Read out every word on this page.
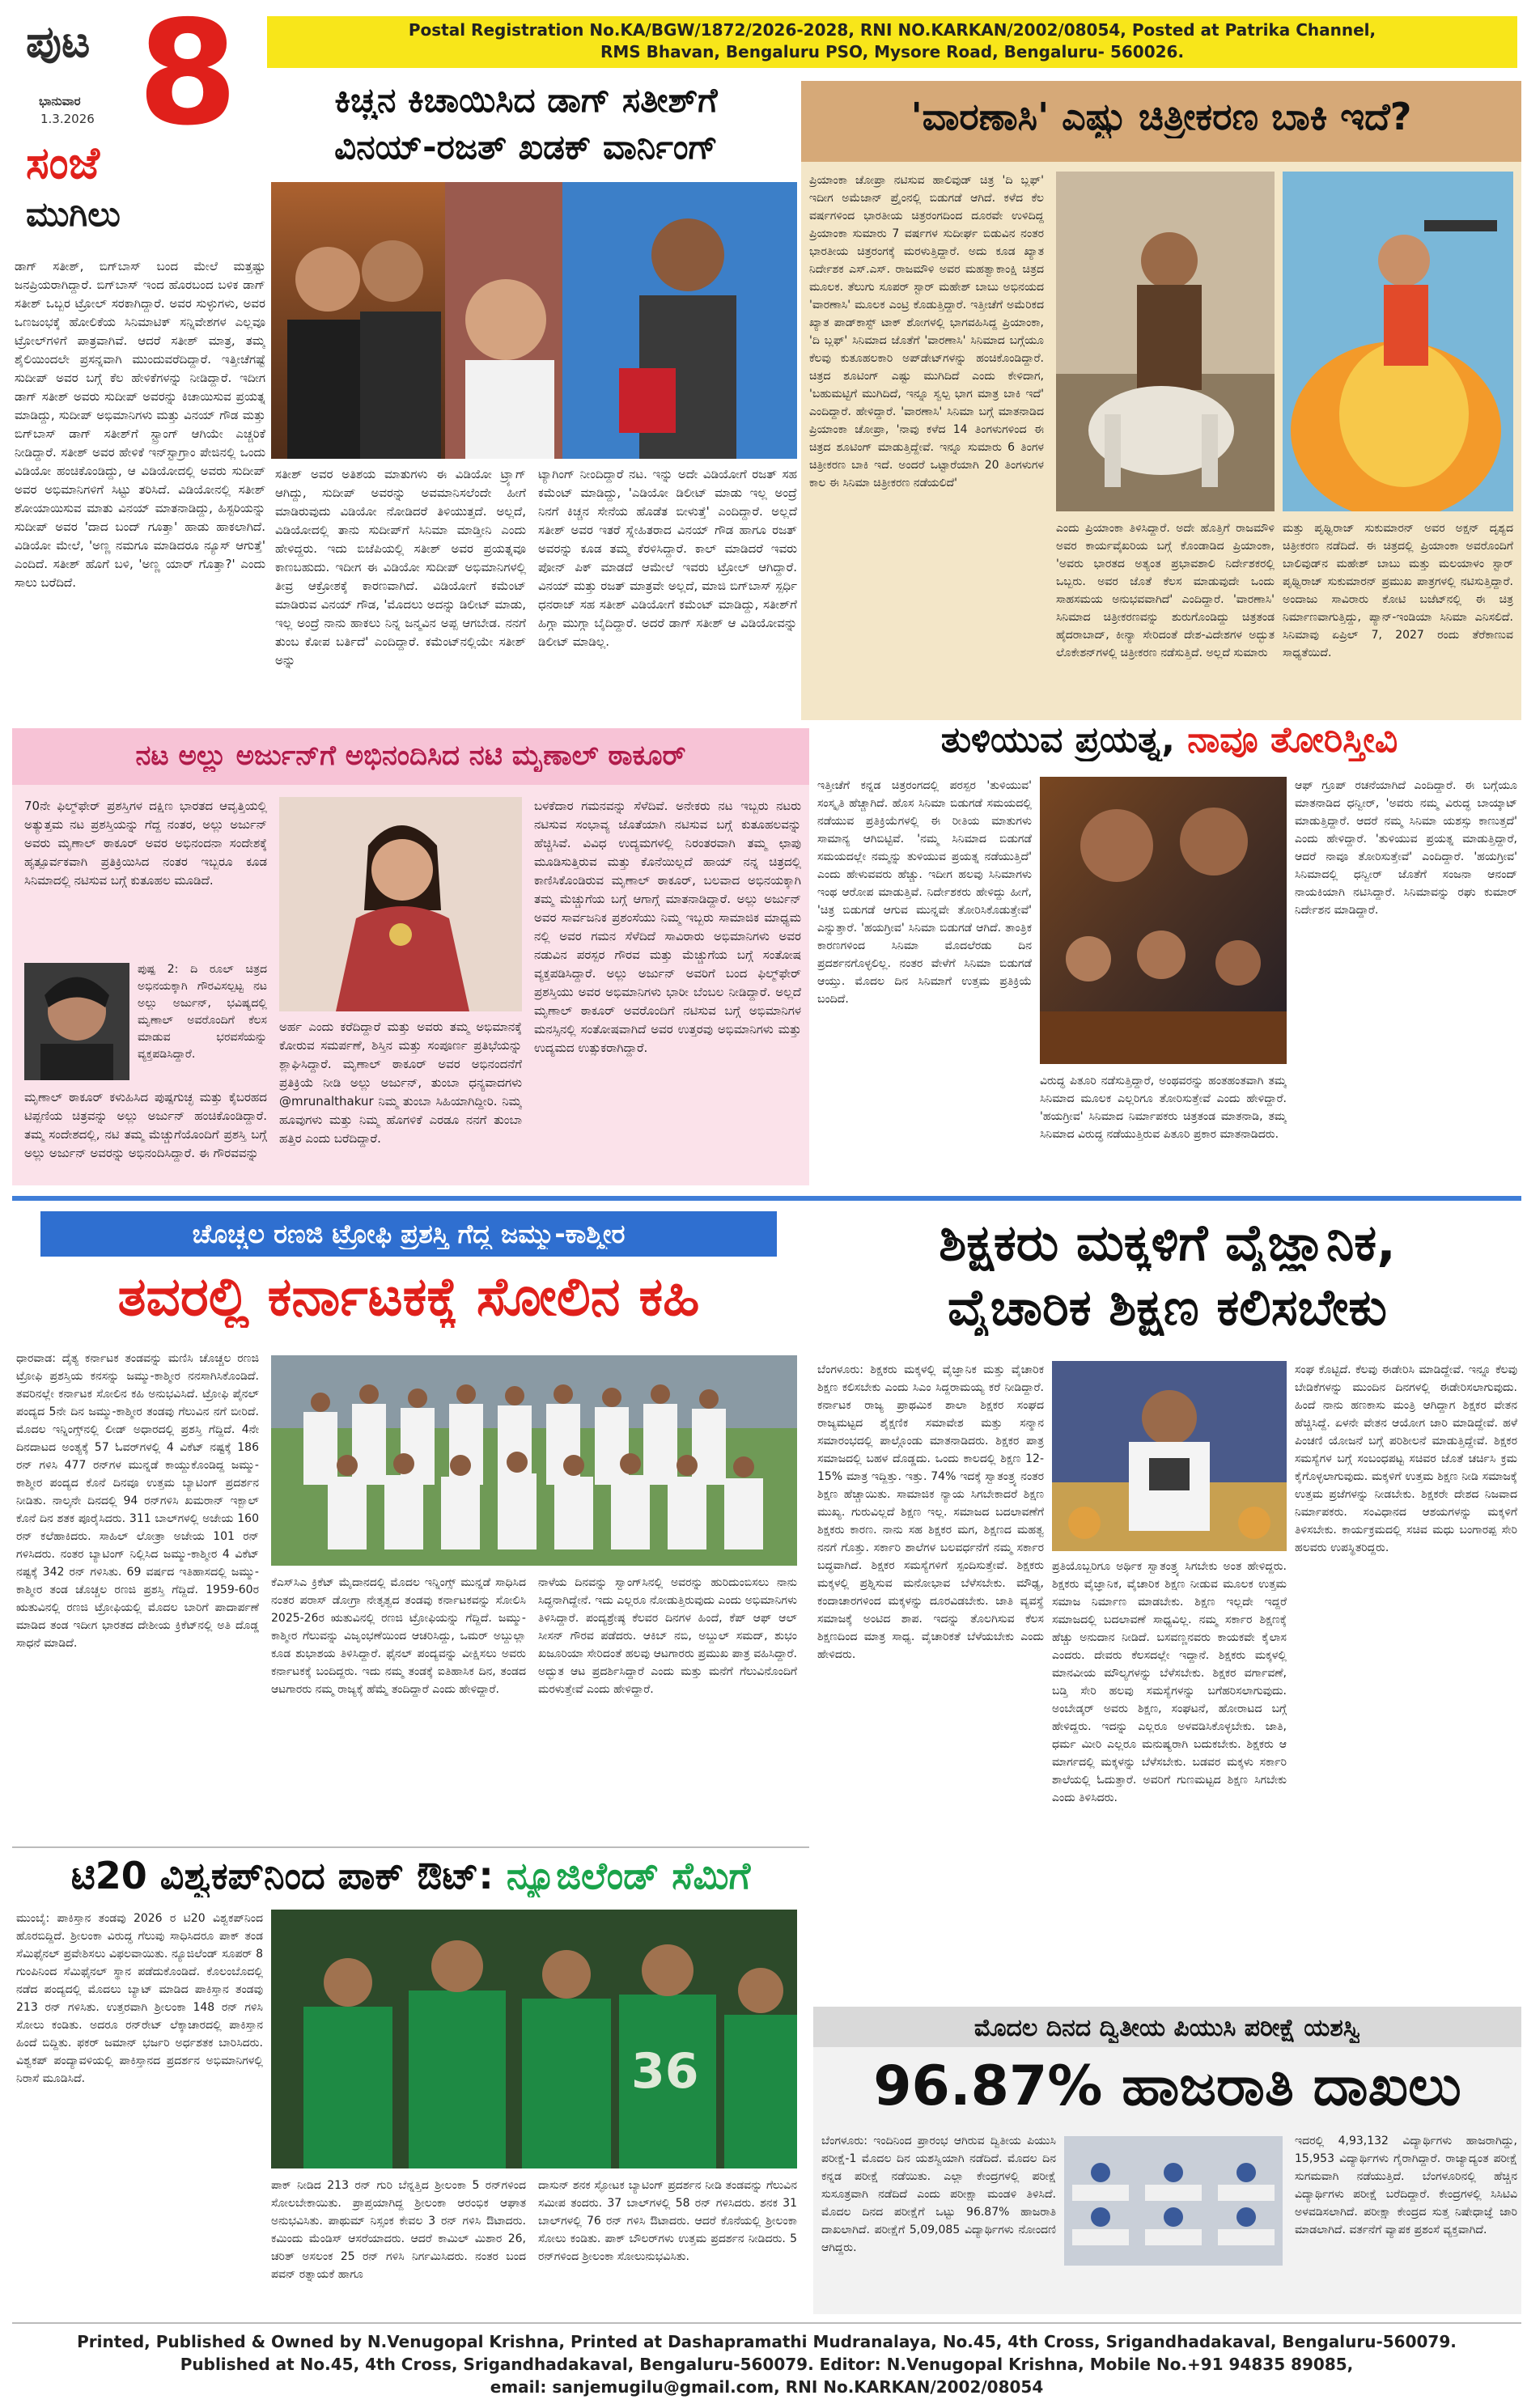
ಪುಟ 8
ಭಾನುವಾರ
1.3.2026
ಸಂಜೆ
ಮುಗಿಲು
Postal Registration No.KA/BGW/1872/2026-2028, RNI NO.KARKAN/2002/08054, Posted at Patrika Channel,
RMS Bhavan, Bengaluru PSO, Mysore Road, Bengaluru- 560026.
ಕಿಚ್ಚನ ಕಿಚಾಯಿಸಿದ ಡಾಗ್ ಸತೀಶ್‌ಗೆ
ವಿನಯ್-ರಜತ್ ಖಡಕ್ ವಾರ್ನಿಂಗ್
ಡಾಗ್ ಸತೀಶ್, ಬಿಗ್‌ಬಾಸ್ ಬಂದ ಮೇಲೆ ಮತ್ತಷ್ಟು ಜನಪ್ರಿಯರಾಗಿದ್ದಾರೆ. ಬಿಗ್‌ಬಾಸ್ ಇಂದ ಹೊರಬಂದ ಬಳಿಕ ಡಾಗ್ ಸತೀಶ್ ಒಬ್ಬರ ಟ್ರೋಲ್ ಸರಕಾಗಿದ್ದಾರೆ. ಅವರ ಸುಳ್ಳುಗಳು, ಅವರ ಒಣಜಂಭಕ್ಕೆ ಹೋಲಿಕೆಯ ಸಿನಿಮಾಟಿಕ್ ಸನ್ನಿವೇಶಗಳ ಎಲ್ಲವೂ ಟ್ರೋಲ್‌ಗಳಿಗೆ ಪಾತ್ರವಾಗಿವೆ. ಆದರೆ ಸತೀಶ್ ಮಾತ್ರ, ತಮ್ಮ ಶೈಲಿಯಿಂದಲೇ ಪ್ರಸನ್ನವಾಗಿ ಮುಂದುವರೆದಿದ್ದಾರೆ. ಇತ್ತೀಚೆಗಷ್ಟೆ ಸುದೀಪ್ ಅವರ ಬಗ್ಗೆ ಕೆಲ ಹೇಳಿಕೆಗಳನ್ನು ನೀಡಿದ್ದಾರೆ. ಇದೀಗ ಡಾಗ್ ಸತೀಶ್ ಅವರು ಸುದೀಪ್ ಅವರನ್ನು ಕಿಚಾಯಿಸುವ ಪ್ರಯತ್ನ ಮಾಡಿದ್ದು, ಸುದೀಪ್ ಅಭಿಮಾನಿಗಳು ಮತ್ತು ವಿನಯ್ ಗೌಡ ಮತ್ತು ಬಿಗ್‌ಬಾಸ್ ಡಾಗ್ ಸತೀಶ್‌ಗೆ ಸ್ಟ್ರಾಂಗ್ ಆಗಿಯೇ ಎಚ್ಚರಿಕೆ ನೀಡಿದ್ದಾರೆ. ಸತೀಶ್ ಅವರ ಹೇಳಿಕೆ ಇನ್‌ಸ್ಟಾಗ್ರಾಂ ಪೇಜಿನಲ್ಲಿ ಒಂದು ವಿಡಿಯೋ ಹಂಚಿಕೊಂಡಿದ್ದು, ಆ ವಿಡಿಯೋದಲ್ಲಿ ಅವರು ಸುದೀಪ್ ಅವರ ಅಭಿಮಾನಿಗಳಿಗೆ ಸಿಟ್ಟು ತರಿಸಿದೆ. ವಿಡಿಯೋನಲ್ಲಿ ಸತೀಶ್ ಶೋಯಾಯಿಸುವ ಮಾತು ವಿನಯ್ ಮಾತನಾಡಿದ್ದು, ಹಿಸ್ಟರಿಯನ್ನು ಸುದೀಪ್ ಅವರ 'ದಾದ ಬಂದ್ ಗೂತ್ತಾ' ಹಾಡು ಹಾಕಲಾಗಿದೆ. ವಿಡಿಯೋ ಮೇಲೆ, 'ಅಣ್ಣ ನಮಗೂ ಮಾಡಿದರೂ ನ್ಯೂಸ್ ಆಗುತ್ತೆ' ಎಂದಿದೆ. ಸತೀಶ್ ಹೊಗೆ ಬಳಿ, 'ಅಣ್ಣ ಯಾರ್ ಗೊತ್ತಾ?' ಎಂದು ಸಾಲು ಬರೆದಿದೆ.
ಸತೀಶ್ ಅವರ ಅತಿಶಯ ಮಾತುಗಳು ಈ ವಿಡಿಯೋ ಟ್ರ್ಯಾಗ್ ಆಗಿದ್ದು, ಸುದೀಪ್ ಅವರನ್ನು ಅವಮಾನಿಸಲೆಂದೇ ಹೀಗೆ ಮಾಡಿರುವುದು ವಿಡಿಯೋ ನೋಡಿದರೆ ತಿಳಿಯುತ್ತದೆ. ಅಲ್ಲದೆ, ವಿಡಿಯೋದಲ್ಲಿ ತಾನು ಸುದೀಪ್‌ಗೆ ಸಿನಿಮಾ ಮಾಡ್ತೀನಿ ಎಂದು ಹೇಳಿದ್ದರು. ಇದು ಬಿಜೆಪಿಯಲ್ಲಿ ಸತೀಶ್ ಅವರ ಪ್ರಯತ್ನವೂ ಕಾಣಬಹುದು. ಇದೀಗ ಈ ವಿಡಿಯೋ ಸುದೀಪ್ ಅಭಿಮಾನಿಗಳಲ್ಲಿ ತೀವ್ರ ಆಕ್ರೋಶಕ್ಕೆ ಕಾರಣವಾಗಿದೆ. ವಿಡಿಯೋಗೆ ಕಮೆಂಟ್ ಮಾಡಿರುವ ವಿನಯ್ ಗೌಡ, 'ಮೊದಲು ಅದನ್ನು ಡಿಲೀಟ್ ಮಾಡು, ಇಲ್ಲ ಅಂದ್ರೆ ನಾನು ಹಾಕಲು ನಿನ್ನ ಜನ್ಮವಿನ ಅಪ್ಪ ಆಗಬೇಡ. ನನಗೆ ತುಂಬ ಕೋಪ ಬರ್ತಿದೆ' ಎಂದಿದ್ದಾರೆ. ಕಮೆಂಟ್‌ನಲ್ಲಿಯೇ ಸತೀಶ್ ಅನ್ನು
ಟ್ಯಾಗಿಂಗ್ ನೀಂದಿದ್ದಾರೆ ನಟ. ಇನ್ನು ಅದೇ ವಿಡಿಯೋಗೆ ರಜತ್ ಸಹ ಕಮೆಂಟ್ ಮಾಡಿದ್ದು, 'ಎಡಿಯೋ ಡಿಲೀಟ್ ಮಾಡು ಇಲ್ಲ ಅಂದ್ರೆ ನಿನಗೆ ಕಿಚ್ಚನ ಸೇನೆಯ ಹೊಡೆತ ಬೀಳುತ್ತೆ' ಎಂದಿದ್ದಾರೆ. ಅಲ್ಲದೆ ಸತೀಶ್ ಅವರ ಇತರೆ ಸ್ನೇಹಿತರಾದ ವಿನಯ್ ಗೌಡ ಹಾಗೂ ರಜತ್ ಅವರನ್ನು ಕೂಡ ತಮ್ಮ ಕೆರಳಿಸಿದ್ದಾರೆ. ಕಾಲ್ ಮಾಡಿದರೆ ಇವರು ಪೋನ್ ಪಿಕ್ ಮಾಡದೆ ಆಮೇಲೆ ಇವರು ಟ್ರೋಲ್ ಆಗಿದ್ದಾರೆ. ವಿನಯ್ ಮತ್ತು ರಜತ್ ಮಾತ್ರವೇ ಅಲ್ಲದೆ, ಮಾಜಿ ಬಿಗ್‌ಬಾಸ್ ಸ್ಪರ್ಧಿ ಧನರಾಜ್ ಸಹ ಸತೀಶ್ ವಿಡಿಯೋಗೆ ಕಮೆಂಟ್ ಮಾಡಿದ್ದು, ಸತೀಶ್‌ಗೆ ಹಿಗ್ಗಾ ಮುಗ್ಗಾ ಬೈದಿದ್ದಾರೆ. ಅದರೆ ಡಾಗ್ ಸತೀಶ್ ಆ ವಿಡಿಯೋವನ್ನು ಡಿಲೀಟ್ ಮಾಡಿಲ್ಲ.
'ವಾರಣಾಸಿ' ಎಷ್ಟು ಚಿತ್ರೀಕರಣ ಬಾಕಿ ಇದೆ?
ಪ್ರಿಯಾಂಕಾ ಚೋಪ್ರಾ ನಟಿಸುವ ಹಾಲಿವುಡ್ ಚಿತ್ರ 'ದಿ ಬ್ಲಫ್' ಇದೀಗ ಅಮೆಜಾನ್ ಪ್ರೈಂನಲ್ಲಿ ಬಿಡುಗಡೆ ಆಗಿದೆ. ಕಳೆದ ಕೆಲ ವರ್ಷಗಳಿಂದ ಭಾರತೀಯ ಚಿತ್ರರಂಗದಿಂದ ದೂರವೇ ಉಳಿದಿದ್ದ ಪ್ರಿಯಾಂಕಾ ಸುಮಾರು 7 ವರ್ಷಗಳ ಸುದೀರ್ಘ ಬಿಡುವಿನ ನಂತರ ಭಾರತೀಯ ಚಿತ್ರರಂಗಕ್ಕೆ ಮರಳುತ್ತಿದ್ದಾರೆ. ಅದು ಕೂಡ ಖ್ಯಾತ ನಿರ್ದೇಶಕ ಎಸ್.ಎಸ್. ರಾಜಮೌಳಿ ಅವರ ಮಹತ್ವಾಕಾಂಕ್ಷಿ ಚಿತ್ರದ ಮೂಲಕ. ತೆಲುಗು ಸೂಪರ್ ಸ್ಟಾರ್ ಮಹೇಶ್ ಬಾಬು ಅಭಿನಯದ 'ವಾರಣಾಸಿ' ಮೂಲಕ ಎಂಟ್ರಿ ಕೊಡುತ್ತಿದ್ದಾರೆ. ಇತ್ತೀಚೆಗೆ ಅಮೆರಿಕದ ಖ್ಯಾತ ಪಾಡ್‌ಕಾಸ್ಟ್ ಟಾಕ್ ಶೋಗಳಲ್ಲಿ ಭಾಗವಹಿಸಿದ್ದ ಪ್ರಿಯಾಂಕಾ, 'ದಿ ಬ್ಲಫ್' ಸಿನಿಮಾದ ಜೊತೆಗೆ 'ವಾರಣಾಸಿ' ಸಿನಿಮಾದ ಬಗ್ಗೆಯೂ ಕೆಲವು ಕುತೂಹಲಕಾರಿ ಅಪ್‌ಡೇಟ್‌ಗಳನ್ನು ಹಂಚಿಕೊಂಡಿದ್ದಾರೆ. ಚಿತ್ರದ ಶೂಟಿಂಗ್ ಎಷ್ಟು ಮುಗಿದಿದೆ ಎಂದು ಕೇಳಿದಾಗ, 'ಬಹುಮಟ್ಟಿಗೆ ಮುಗಿದಿದೆ, ಇನ್ನೂ ಸ್ವಲ್ಪ ಭಾಗ ಮಾತ್ರ ಬಾಕಿ ಇದೆ' ಎಂದಿದ್ದಾರೆ. ಹೇಳಿದ್ದಾರೆ. 'ವಾರಣಾಸಿ' ಸಿನಿಮಾ ಬಗ್ಗೆ ಮಾತನಾಡಿದ ಪ್ರಿಯಾಂಕಾ ಚೋಪ್ರಾ, 'ನಾವು ಕಳೆದ 14 ತಿಂಗಳುಗಳಿಂದ ಈ ಚಿತ್ರದ ಶೂಟಿಂಗ್ ಮಾಡುತ್ತಿದ್ದೇವೆ. ಇನ್ನೂ ಸುಮಾರು 6 ತಿಂಗಳ ಚಿತ್ರೀಕರಣ ಬಾಕಿ ಇದೆ. ಅಂದರೆ ಒಟ್ಟಾರೆಯಾಗಿ 20 ತಿಂಗಳುಗಳ ಕಾಲ ಈ ಸಿನಿಮಾ ಚಿತ್ರೀಕರಣ ನಡೆಯಲಿದೆ'
ಎಂದು ಪ್ರಿಯಾಂಕಾ ತಿಳಿಸಿದ್ದಾರೆ. ಅದೇ ಹೊತ್ತಿಗೆ ರಾಜಮೌಳಿ ಅವರ ಕಾರ್ಯವೈಖರಿಯ ಬಗ್ಗೆ ಕೊಂಡಾಡಿದ ಪ್ರಿಯಾಂಕಾ, 'ಅವರು ಭಾರತದ ಅತ್ಯಂತ ಪ್ರಭಾವಶಾಲಿ ನಿರ್ದೇಶಕರಲ್ಲಿ ಒಬ್ಬರು. ಅವರ ಜೊತೆ ಕೆಲಸ ಮಾಡುವುದೇ ಒಂದು ಸಾಹಸಮಯ ಅನುಭವವಾಗಿದೆ' ಎಂದಿದ್ದಾರೆ. 'ವಾರಣಾಸಿ' ಸಿನಿಮಾದ ಚಿತ್ರೀಕರಣವನ್ನು ಶುರುಗೊಂಡಿದ್ದು ಚಿತ್ರತಂಡ ಹೈದರಾಬಾದ್, ಕೀನ್ಯಾ ಸೇರಿದಂತೆ ದೇಶ-ವಿದೇಶಗಳ ಅದ್ಭುತ ಲೊಕೇಶನ್‌ಗಳಲ್ಲಿ ಚಿತ್ರೀಕರಣ ನಡೆಸುತ್ತಿದೆ. ಅಲ್ಲದೆ ಸುಮಾರು
ಮತ್ತು ಪೃಥ್ವಿರಾಜ್ ಸುಕುಮಾರನ್ ಅವರ ಅಕ್ಷನ್ ದೃಶ್ಯದ ಚಿತ್ರೀಕರಣ ನಡೆದಿದೆ. ಈ ಚಿತ್ರದಲ್ಲಿ ಪ್ರಿಯಾಂಕಾ ಅವರೊಂದಿಗೆ ಬಾಲಿವುಡ್‌ನ ಮಹೇಶ್ ಬಾಬು ಮತ್ತು ಮಲಯಾಳಂ ಸ್ಟಾರ್ ಪೃಥ್ವಿರಾಜ್ ಸುಕುಮಾರನ್ ಪ್ರಮುಖ ಪಾತ್ರಗಳಲ್ಲಿ ನಟಿಸುತ್ತಿದ್ದಾರೆ. ಅಂದಾಜು ಸಾವಿರಾರು ಕೋಟಿ ಬಜೆಟ್‌ನಲ್ಲಿ ಈ ಚಿತ್ರ ನಿರ್ಮಾಣವಾಗುತ್ತಿದ್ದು, ಪ್ಯಾನ್-ಇಂಡಿಯಾ ಸಿನಿಮಾ ಎನಿಸಲಿದೆ. ಸಿನಿಮಾವು ಏಪ್ರಿಲ್ 7, 2027 ರಂದು ತೆರೆಕಾಣುವ ಸಾಧ್ಯತೆಯಿದೆ.
ನಟ ಅಲ್ಲು ಅರ್ಜುನ್‌ಗೆ ಅಭಿನಂದಿಸಿದ ನಟಿ ಮೃಣಾಲ್ ಠಾಕೂರ್
70ನೇ ಫಿಲ್ಮ್‌ಫೇರ್ ಪ್ರಶಸ್ತಿಗಳ ದಕ್ಷಿಣ ಭಾರತದ ಆವೃತ್ತಿಯಲ್ಲಿ ಅತ್ಯುತ್ತಮ ನಟ ಪ್ರಶಸ್ತಿಯನ್ನು ಗೆದ್ದ ನಂತರ, ಅಲ್ಲು ಅರ್ಜುನ್ ಅವರು ಮೃಣಾಲ್ ಠಾಕೂರ್ ಅವರ ಅಭಿನಂದನಾ ಸಂದೇಶಕ್ಕೆ ಹೃತ್ಪೂರ್ವಕವಾಗಿ ಪ್ರತಿಕ್ರಿಯಿಸಿದ ನಂತರ ಇಬ್ಬರೂ ಕೂಡ ಸಿನಿಮಾದಲ್ಲಿ ನಟಿಸುವ ಬಗ್ಗೆ ಕುತೂಹಲ ಮೂಡಿದೆ.
ಪುಷ್ಪ 2: ದಿ ರೂಲ್ ಚಿತ್ರದ ಅಭಿನಯಕ್ಕಾಗಿ ಗೌರವಿಸಲ್ಪಟ್ಟ ನಟ ಅಲ್ಲು ಅರ್ಜುನ್, ಭವಿಷ್ಯದಲ್ಲಿ ಮೃಣಾಲ್ ಅವರೊಂದಿಗೆ ಕೆಲಸ ಮಾಡುವ ಭರವಸೆಯನ್ನು ವ್ಯಕ್ತಪಡಿಸಿದ್ದಾರೆ.
ಮೃಣಾಲ್ ಠಾಕೂರ್ ಕಳುಹಿಸಿದ ಪುಷ್ಪಗುಚ್ಛ ಮತ್ತು ಕೈಬರಹದ ಟಿಪ್ಪಣಿಯ ಚಿತ್ರವನ್ನು ಅಲ್ಲು ಅರ್ಜುನ್ ಹಂಚಿಕೊಂಡಿದ್ದಾರೆ. ತಮ್ಮ ಸಂದೇಶದಲ್ಲಿ, ನಟಿ ತಮ್ಮ ಮೆಚ್ಚುಗೆಯೊಂದಿಗೆ ಪ್ರಶಸ್ತಿ ಬಗ್ಗೆ ಅಲ್ಲು ಅರ್ಜುನ್ ಅವರನ್ನು ಅಭಿನಂದಿಸಿದ್ದಾರೆ. ಈ ಗೌರವವನ್ನು
ಅರ್ಹ ಎಂದು ಕರೆದಿದ್ದಾರೆ ಮತ್ತು ಅವರು ತಮ್ಮ ಅಭಿಮಾನಕ್ಕೆ ಕೋರುವ ಸಮರ್ಪಣೆ, ಶಿಸ್ತಿನ ಮತ್ತು ಸಂಪೂರ್ಣ ಪ್ರತಿಭೆಯನ್ನು ಶ್ಲಾಘಿಸಿದ್ದಾರೆ. ಮೃಣಾಲ್ ಠಾಕೂರ್ ಅವರ ಅಭಿನಂದನೆಗೆ ಪ್ರತಿಕ್ರಿಯೆ ನೀಡಿ ಅಲ್ಲು ಅರ್ಜುನ್, ತುಂಬಾ ಧನ್ಯವಾದಗಳು @mrunalthakur ನಿಮ್ಮ ತುಂಬಾ ಸಿಹಿಯಾಗಿದ್ದೀರಿ. ನಿಮ್ಮ ಹೂವುಗಳು ಮತ್ತು ನಿಮ್ಮ ಹೊಗಳಿಕೆ ಎರಡೂ ನನಗೆ ತುಂಬಾ ಹತ್ತಿರ ಎಂದು ಬರೆದಿದ್ದಾರೆ.
ಬಳಕೆದಾರ ಗಮನವನ್ನು ಸೆಳೆದಿವೆ. ಅನೇಕರು ನಟ ಇಬ್ಬರು ನಟರು ನಟಿಸುವ ಸಂಭಾವ್ಯ ಜೊತೆಯಾಗಿ ನಟಿಸುವ ಬಗ್ಗೆ ಕುತೂಹಲವನ್ನು ಹೆಚ್ಚಿಸಿವೆ. ವಿವಿಧ ಉದ್ಯಮಗಳಲ್ಲಿ ನಿರಂತರವಾಗಿ ತಮ್ಮ ಛಾಪು ಮೂಡಿಸುತ್ತಿರುವ ಮತ್ತು ಕೊನೆಯಿಲ್ಲದೆ ಹಾಯ್ ನನ್ನ ಚಿತ್ರದಲ್ಲಿ ಕಾಣಿಸಿಕೊಂಡಿರುವ ಮೃಣಾಲ್ ಠಾಕೂರ್, ಬಲವಾದ ಅಭಿನಯಕ್ಕಾಗಿ ತಮ್ಮ ಮೆಚ್ಚುಗೆಯ ಬಗ್ಗೆ ಆಗಾಗ್ಗೆ ಮಾತನಾಡಿದ್ದಾರೆ. ಅಲ್ಲು ಅರ್ಜುನ್ ಅವರ ಸಾರ್ವಜನಿಕ ಪ್ರಶಂಸೆಯು ನಿಮ್ಮ ಇಬ್ಬರು ಸಾಮಾಜಿಕ ಮಾಧ್ಯಮ ನಲ್ಲಿ ಅವರ ಗಮನ ಸೆಳೆದಿದೆ ಸಾವಿರಾರು ಅಭಿಮಾನಿಗಳು ಅವರ ನಡುವಿನ ಪರಸ್ಪರ ಗೌರವ ಮತ್ತು ಮೆಚ್ಚುಗೆಯ ಬಗ್ಗೆ ಸಂತೋಷ ವ್ಯಕ್ತಪಡಿಸಿದ್ದಾರೆ. ಅಲ್ಲು ಅರ್ಜುನ್ ಅವರಿಗೆ ಬಂದ ಫಿಲ್ಮ್‌ಫೇರ್ ಪ್ರಶಸ್ತಿಯು ಅವರ ಅಭಿಮಾನಿಗಳು ಭಾರೀ ಬೆಂಬಲ ನೀಡಿದ್ದಾರೆ. ಅಲ್ಲದೆ ಮೃಣಾಲ್ ಠಾಕೂರ್ ಅವರೊಂದಿಗೆ ನಟಿಸುವ ಬಗ್ಗೆ ಅಭಿಮಾನಿಗಳ ಮನಸ್ಸಿನಲ್ಲಿ ಸಂತೋಷವಾಗಿದೆ ಅವರ ಉತ್ತರವು ಅಭಿಮಾನಿಗಳು ಮತ್ತು ಉದ್ಯಮದ ಉತ್ಸುಕರಾಗಿದ್ದಾರೆ.
ತುಳಿಯುವ ಪ್ರಯತ್ನ, ನಾವೂ ತೋರಿಸ್ತೀವಿ
ಇತ್ತೀಚೆಗೆ ಕನ್ನಡ ಚಿತ್ರರಂಗದಲ್ಲಿ ಪರಸ್ಪರ 'ತುಳಿಯುವ' ಸಂಸ್ಕೃತಿ ಹೆಚ್ಚಾಗಿದೆ. ಹೊಸ ಸಿನಿಮಾ ಬಿಡುಗಡೆ ಸಮಯದಲ್ಲಿ ನಡೆಯುವ ಪ್ರತಿಕ್ರಿಯೆಗಳಲ್ಲಿ ಈ ರೀತಿಯ ಮಾತುಗಳು ಸಾಮಾನ್ಯ ಆಗಿಬಿಟ್ಟಿವೆ. 'ನಮ್ಮ ಸಿನಿಮಾದ ಬಿಡುಗಡೆ ಸಮಯದಲ್ಲೇ ನಮ್ಮನ್ನು ತುಳಿಯುವ ಪ್ರಯತ್ನ ನಡೆಯುತ್ತಿದೆ' ಎಂದು ಹೇಳುವವರು ಹೆಚ್ಚು. ಇದೀಗ ಹಲವು ಸಿನಿಮಾಗಳು ಇಂಥ ಆರೋಪ ಮಾಡುತ್ತಿವೆ. ನಿರ್ದೇಶಕರು ಹೇಳಿದ್ದು ಹೀಗೆ, 'ಚಿತ್ರ ಬಿಡುಗಡೆ ಆಗುವ ಮುನ್ನವೇ ತೋರಿಸಿಕೊಡುತ್ತೇವೆ' ಎನ್ನುತ್ತಾರೆ. 'ಹಯಗ್ರೀವ' ಸಿನಿಮಾ ಬಿಡುಗಡೆ ಆಗಿದೆ. ತಾಂತ್ರಿಕ ಕಾರಣಗಳಿಂದ ಸಿನಿಮಾ ಮೊದಲೆರಡು ದಿನ ಪ್ರದರ್ಶನಗೊಳ್ಳಲಿಲ್ಲ. ನಂತರ ವೇಳೆಗೆ ಸಿನಿಮಾ ಬಿಡುಗಡೆ ಆಯ್ತು. ಮೊದಲ ದಿನ ಸಿನಿಮಾಗೆ ಉತ್ತಮ ಪ್ರತಿಕ್ರಿಯೆ ಬಂದಿದೆ.
ವಿರುದ್ಧ ಪಿತೂರಿ ನಡೆಸುತ್ತಿದ್ದಾರೆ, ಅಂಥವರನ್ನು ಹಂತಹಂತವಾಗಿ ತಮ್ಮ ಸಿನಿಮಾದ ಮೂಲಕ ಎಲ್ಲರಿಗೂ ತೋರಿಸುತ್ತೇವೆ ಎಂದು ಹೇಳಿದ್ದಾರೆ. 'ಹಯಗ್ರೀವ' ಸಿನಿಮಾದ ನಿರ್ಮಾಪಕರು ಚಿತ್ರತಂಡ ಮಾತನಾಡಿ, ತಮ್ಮ ಸಿನಿಮಾದ ವಿರುದ್ಧ ನಡೆಯುತ್ತಿರುವ ಪಿತೂರಿ ಪ್ರಕಾರ ಮಾತನಾಡಿದರು.
ಆಫ್ ಗ್ರೂಪ್ ರಚನೆಯಾಗಿದೆ ಎಂದಿದ್ದಾರೆ. ಈ ಬಗ್ಗೆಯೂ ಮಾತನಾಡಿದ ಧನ್ವೀರ್, 'ಅವರು ನಮ್ಮ ವಿರುದ್ಧ ಬಾಯ್ಕಾಟ್ ಮಾಡುತ್ತಿದ್ದಾರೆ. ಆದರೆ ನಮ್ಮ ಸಿನಿಮಾ ಯಶಸ್ಸು ಕಾಣುತ್ತದೆ' ಎಂದು ಹೇಳಿದ್ದಾರೆ. 'ತುಳಿಯುವ ಪ್ರಯತ್ನ ಮಾಡುತ್ತಿದ್ದಾರೆ, ಆದರೆ ನಾವೂ ತೋರಿಸುತ್ತೇವೆ' ಎಂದಿದ್ದಾರೆ. 'ಹಯಗ್ರೀವ' ಸಿನಿಮಾದಲ್ಲಿ ಧನ್ವೀರ್ ಜೊತೆಗೆ ಸಂಜನಾ ಆನಂದ್ ನಾಯಕಿಯಾಗಿ ನಟಿಸಿದ್ದಾರೆ. ಸಿನಿಮಾವನ್ನು ರಘು ಕುಮಾರ್ ನಿರ್ದೇಶನ ಮಾಡಿದ್ದಾರೆ.
ಚೊಚ್ಚಲ ರಣಜಿ ಟ್ರೋಫಿ ಪ್ರಶಸ್ತಿ ಗೆದ್ದ ಜಮ್ಮು-ಕಾಶ್ಮೀರ
ತವರಲ್ಲಿ ಕರ್ನಾಟಕಕ್ಕೆ ಸೋಲಿನ ಕಹಿ
ಧಾರವಾಡ: ದೈತ್ಯ ಕರ್ನಾಟಕ ತಂಡವನ್ನು ಮಣಿಸಿ ಚೊಚ್ಚಲ ರಣಜಿ ಟ್ರೋಫಿ ಪ್ರಶಸ್ತಿಯ ಕನಸನ್ನು ಜಮ್ಮು-ಕಾಶ್ಮೀರ ನನಸಾಗಿಸಿಕೊಂಡಿದೆ. ತವರಿನಲ್ಲೇ ಕರ್ನಾಟಕ ಸೋಲಿನ ಕಹಿ ಅನುಭವಿಸಿದೆ. ಟ್ರೋಫಿ ಪೈನಲ್ ಪಂದ್ಯದ 5ನೇ ದಿನ ಜಮ್ಮು-ಕಾಶ್ಮೀರ ತಂಡವು ಗೆಲುವಿನ ನಗೆ ಬೀರಿದೆ. ಮೊದಲ ಇನ್ನಿಂಗ್ಸ್‌ನಲ್ಲಿ ಲೀಡ್ ಅಧಾರದಲ್ಲಿ ಪ್ರಶಸ್ತಿ ಗೆದ್ದಿದೆ. 4ನೇ ದಿನದಾಟದ ಅಂತ್ಯಕ್ಕೆ 57 ಓವರ್‌ಗಳಲ್ಲಿ 4 ವಿಕೆಟ್ ನಷ್ಟಕ್ಕೆ 186 ರನ್ ಗಳಿಸಿ 477 ರನ್‌ಗಳ ಮುನ್ನಡೆ ಕಾಯ್ದುಕೊಂಡಿದ್ದ ಜಮ್ಮು-ಕಾಶ್ಮೀರ ಪಂದ್ಯದ ಕೊನೆ ದಿನವೂ ಉತ್ತಮ ಬ್ಯಾಟಿಂಗ್ ಪ್ರದರ್ಶನ ನೀಡಿತು. ನಾಲ್ಕನೇ ದಿನದಲ್ಲಿ 94 ರನ್‌ಗಳಿಸಿ ಖಮರಾನ್ ಇಕ್ಬಾಲ್ ಕೊನೆ ದಿನ ಶತಕ ಪೂರೈಸಿದರು. 311 ಬಾಲ್‌ಗಳಲ್ಲಿ ಅಜೇಯ 160 ರನ್ ಕಲೆಹಾಕಿದರು. ಸಾಹಿಲ್ ಲೋತ್ರಾ ಅಜೇಯ 101 ರನ್ ಗಳಿಸಿದರು. ನಂತರ ಬ್ಯಾಟಿಂಗ್ ನಿಲ್ಲಿಸಿದ ಜಮ್ಮು-ಕಾಶ್ಮೀರ 4 ವಿಕೆಟ್ ನಷ್ಟಕ್ಕೆ 342 ರನ್ ಗಳಿಸಿತು. 69 ವರ್ಷದ ಇತಿಹಾಸದಲ್ಲಿ ಜಮ್ಮು-ಕಾಶ್ಮೀರ ತಂಡ ಚೊಚ್ಚಲ ರಣಜಿ ಪ್ರಶಸ್ತಿ ಗೆದ್ದಿದೆ. 1959-60ರ ಋತುವಿನಲ್ಲಿ ರಣಜಿ ಟ್ರೋಫಿಯಲ್ಲಿ ಮೊದಲ ಬಾರಿಗೆ ಪಾದಾರ್ಪಣೆ ಮಾಡಿದ ತಂಡ ಇದೀಗ ಭಾರತದ ದೇಶೀಯ ಕ್ರಿಕೆಟ್‌ನಲ್ಲಿ ಅತಿ ದೊಡ್ಡ ಸಾಧನೆ ಮಾಡಿದೆ.
ಕೆಎಸ್‌ಸಿಎ ಕ್ರಿಕೆಟ್ ಮೈದಾನದಲ್ಲಿ ಮೊದಲ ಇನ್ನಿಂಗ್ಸ್ ಮುನ್ನಡೆ ಸಾಧಿಸಿದ ನಂತರ ಪರಾಸ್ ಡೋಗ್ರಾ ನೇತೃತ್ವದ ತಂಡವು ಕರ್ನಾಟಕವನ್ನು ಸೋಲಿಸಿ 2025-26ರ ಋತುವಿನಲ್ಲಿ ರಣಜಿ ಟ್ರೋಫಿಯನ್ನು ಗೆದ್ದಿದೆ. ಜಮ್ಮು-ಕಾಶ್ಮೀರ ಗೆಲುವನ್ನು ವಿಜೃಂಭಣೆಯಿಂದ ಆಚರಿಸಿದ್ದು, ಒಮರ್ ಅಬ್ದುಲ್ಲಾ ಕೂಡ ಶುಭಾಶಯ ತಿಳಿಸಿದ್ದಾರೆ. ಫೈನಲ್ ಪಂದ್ಯವನ್ನು ವೀಕ್ಷಿಸಲು ಅವರು ಕರ್ನಾಟಕಕ್ಕೆ ಬಂದಿದ್ದರು. ಇದು ನಮ್ಮ ತಂಡಕ್ಕೆ ಐತಿಹಾಸಿಕ ದಿನ, ತಂಡದ ಆಟಗಾರರು ನಮ್ಮ ರಾಜ್ಯಕ್ಕೆ ಹೆಮ್ಮೆ ತಂದಿದ್ದಾರೆ ಎಂದು ಹೇಳಿದ್ದಾರೆ.
ನಾಳೆಯ ದಿನವನ್ನು ಸ್ವಾಂಗ್‌ಸಿನಲ್ಲಿ ಅವರನ್ನು ಹುರಿದುಂಬಿಸಲು ನಾನು ಸಿದ್ಧನಾಗಿದ್ದೇನೆ. ಇದು ಎಲ್ಲರೂ ನೋಡುತ್ತಿರುವುದು ಎಂದು ಅಭಿಮಾನಿಗಳು ತಿಳಿಸಿದ್ದಾರೆ. ಪಂದ್ಯಶ್ರೇಷ್ಠ ಕೆಲವರ ದಿನಗಳ ಹಿಂದೆ, ಕೆಪ್‌ ಆಫ್ ಆಲ್ ಸೀಸನ್ ಗೌರವ ಪಡೆದರು. ಆಕಿಬ್ ನಬಿ, ಅಬ್ದುಲ್ ಸಮದ್, ಶುಭಂ ಖಜೂರಿಯಾ ಸೇರಿದಂತೆ ಹಲವು ಆಟಗಾರರು ಪ್ರಮುಖ ಪಾತ್ರ ವಹಿಸಿದ್ದಾರೆ. ಅದ್ಭುತ ಆಟ ಪ್ರದರ್ಶಿಸಿದ್ದಾರೆ ಎಂದು ಮತ್ತು ಮನೆಗೆ ಗೆಲುವಿನೊಂದಿಗೆ ಮರಳುತ್ತೇವೆ ಎಂದು ಹೇಳಿದ್ದಾರೆ.
ಟಿ20 ವಿಶ್ವಕಪ್‌ನಿಂದ ಪಾಕ್ ಔಟ್: ನ್ಯೂಜಿಲೆಂಡ್ ಸೆಮಿಗೆ
ಮುಂಬೈ: ಪಾಕಿಸ್ತಾನ ತಂಡವು 2026 ರ ಟಿ20 ವಿಶ್ವಕಪ್‌ನಿಂದ ಹೊರಬಿದ್ದಿದೆ. ಶ್ರೀಲಂಕಾ ವಿರುದ್ಧ ಗೆಲುವು ಸಾಧಿಸಿದರೂ ಪಾಕ್ ತಂಡ ಸೆಮಿಫೈನಲ್ ಪ್ರವೇಶಿಸಲು ವಿಫಲವಾಯಿತು. ನ್ಯೂಜಿಲೆಂಡ್ ಸೂಪರ್ 8 ಗುಂಪಿನಿಂದ ಸೆಮಿಫೈನಲ್ ಸ್ಥಾನ ಪಡೆದುಕೊಂಡಿದೆ. ಕೊಲಂಬೊದಲ್ಲಿ ನಡೆದ ಪಂದ್ಯದಲ್ಲಿ ಮೊದಲು ಬ್ಯಾಟ್ ಮಾಡಿದ ಪಾಕಿಸ್ತಾನ ತಂಡವು 213 ರನ್ ಗಳಿಸಿತು. ಉತ್ತರವಾಗಿ ಶ್ರೀಲಂಕಾ 148 ರನ್ ಗಳಿಸಿ ಸೋಲು ಕಂಡಿತು. ಅದರೂ ರನ್‌ರೇಟ್ ಲೆಕ್ಕಾಚಾರದಲ್ಲಿ ಪಾಕಿಸ್ತಾನ ಹಿಂದೆ ಬಿದ್ದಿತು. ಫಕರ್ ಜಮಾನ್ ಭರ್ಜರಿ ಅರ್ಧಶತಕ ಬಾರಿಸಿದರು. ವಿಶ್ವಕಪ್ ಪಂದ್ಯಾವಳಿಯಲ್ಲಿ ಪಾಕಿಸ್ತಾನದ ಪ್ರದರ್ಶನ ಅಭಿಮಾನಿಗಳಲ್ಲಿ ನಿರಾಸೆ ಮೂಡಿಸಿದೆ.	36
ಪಾಕ್ ನೀಡಿದ 213 ರನ್ ಗುರಿ ಬೆನ್ನತ್ತಿದ ಶ್ರೀಲಂಕಾ 5 ರನ್‌ಗಳಿಂದ ಸೋಲಬೇಕಾಯಿತು. ಪ್ರಾಪ್ತಯಾಗಿದ್ದ ಶ್ರೀಲಂಕಾ ಆರಂಭಿಕ ಆಘಾತ ಅನುಭವಿಸಿತು. ಪಾಥುಮ್ ನಿಸ್ಸಂಕ ಕೇವಲ 3 ರನ್ ಗಳಿಸಿ ಔಟಾದರು. ಕಮಿಂದು ಮೆಂಡಿಸ್ ಆಸರೆಯಾದರು. ಆದರೆ ಕಾಮಿಲ್ ಮಿಶಾರ 26, ಚರಿತ್ ಅಸಲಂಕ 25 ರನ್ ಗಳಿಸಿ ನಿರ್ಗಮಿಸಿದರು. ನಂತರ ಬಂದ ಪವನ್ ರತ್ನಾಯಕೆ ಹಾಗೂ
ದಾಸುನ್ ಶನಕ ಸ್ಫೋಟಕ ಬ್ಯಾಟಿಂಗ್ ಪ್ರದರ್ಶನ ನೀಡಿ ತಂಡವನ್ನು ಗೆಲುವಿನ ಸಮೀಪ ತಂದರು. 37 ಬಾಲ್‌ಗಳಲ್ಲಿ 58 ರನ್ ಗಳಿಸಿದರು. ಶನಕ 31 ಬಾಲ್‌ಗಳಲ್ಲಿ 76 ರನ್ ಗಳಿಸಿ ಔಟಾದರು. ಆದರೆ ಕೊನೆಯಲ್ಲಿ ಶ್ರೀಲಂಕಾ ಸೋಲು ಕಂಡಿತು. ಪಾಕ್ ಬೌಲರ್‌ಗಳು ಉತ್ತಮ ಪ್ರದರ್ಶನ ನೀಡಿದರು. 5 ರನ್‌ಗಳಿಂದ ಶ್ರೀಲಂಕಾ ಸೋಲುನುಭವಿಸಿತು.
ಶಿಕ್ಷಕರು ಮಕ್ಕಳಿಗೆ ವೈಜ್ಞಾನಿಕ,
ವೈಚಾರಿಕ ಶಿಕ್ಷಣ ಕಲಿಸಬೇಕು
ಬೆಂಗಳೂರು: ಶಿಕ್ಷಕರು ಮಕ್ಕಳಲ್ಲಿ ವೈಜ್ಞಾನಿಕ ಮತ್ತು ವೈಚಾರಿಕ ಶಿಕ್ಷಣ ಕಲಿಸಬೇಕು ಎಂದು ಸಿಎಂ ಸಿದ್ದರಾಮಯ್ಯ ಕರೆ ನೀಡಿದ್ದಾರೆ. ಕರ್ನಾಟಕ ರಾಜ್ಯ ಪ್ರಾಥಮಿಕ ಶಾಲಾ ಶಿಕ್ಷಕರ ಸಂಘದ ರಾಜ್ಯಮಟ್ಟದ ಶೈಕ್ಷಣಿಕ ಸಮಾವೇಶ ಮತ್ತು ಸನ್ಮಾನ ಸಮಾರಂಭದಲ್ಲಿ ಪಾಲ್ಗೊಂಡು ಮಾತನಾಡಿದರು. ಶಿಕ್ಷಕರ ಪಾತ್ರ ಸಮಾಜದಲ್ಲಿ ಬಹಳ ದೊಡ್ಡದು. ಒಂದು ಕಾಲದಲ್ಲಿ ಶಿಕ್ಷಣ 12-15% ಮಾತ್ರ ಇದ್ದಿತ್ತು. ಇತ್ತು. 74% ಇದಕ್ಕೆ ಸ್ವಾತಂತ್ರ್ಯ ನಂತರ ಶಿಕ್ಷಣ ಹೆಚ್ಚಾಯಿತು. ಸಾಮಾಜಿಕ ನ್ಯಾಯ ಸಿಗಬೇಕಾದರೆ ಶಿಕ್ಷಣ ಮುಖ್ಯ. ಗುರುವಿಲ್ಲದೆ ಶಿಕ್ಷಣ ಇಲ್ಲ. ಸಮಾಜದ ಬದಲಾವಣೆಗೆ ಶಿಕ್ಷಕರು ಕಾರಣ. ನಾನು ಸಹ ಶಿಕ್ಷಕರ ಮಗ, ಶಿಕ್ಷಣದ ಮಹತ್ವ ನನಗೆ ಗೊತ್ತು. ಸರ್ಕಾರಿ ಶಾಲೆಗಳ ಬಲವರ್ಧನೆಗೆ ನಮ್ಮ ಸರ್ಕಾರ ಬದ್ಧವಾಗಿದೆ. ಶಿಕ್ಷಕರ ಸಮಸ್ಯೆಗಳಿಗೆ ಸ್ಪಂದಿಸುತ್ತೇವೆ. ಶಿಕ್ಷಕರು ಮಕ್ಕಳಲ್ಲಿ ಪ್ರಶ್ನಿಸುವ ಮನೋಭಾವ ಬೆಳೆಸಬೇಕು. ಮೌಢ್ಯ, ಕಂದಾಚಾರಗಳಿಂದ ಮಕ್ಕಳನ್ನು ದೂರವಿಡಬೇಕು. ಜಾತಿ ವ್ಯವಸ್ಥೆ ಸಮಾಜಕ್ಕೆ ಅಂಟಿದ ಶಾಪ. ಇದನ್ನು ತೊಲಗಿಸುವ ಕೆಲಸ ಶಿಕ್ಷಣದಿಂದ ಮಾತ್ರ ಸಾಧ್ಯ. ವೈಚಾರಿಕತೆ ಬೆಳೆಯಬೇಕು ಎಂದು ಹೇಳಿದರು.
ಪ್ರತಿಯೊಬ್ಬರಿಗೂ ಅರ್ಥಿಕ ಸ್ವಾತಂತ್ರ್ಯ ಸಿಗಬೇಕು ಅಂತ ಹೇಳಿದ್ದರು. ಶಿಕ್ಷಕರು ವೈಜ್ಞಾನಿಕ, ವೈಚಾರಿಕ ಶಿಕ್ಷಣ ನೀಡುವ ಮೂಲಕ ಉತ್ತಮ ಸಮಾಜ ನಿರ್ಮಾಣ ಮಾಡಬೇಕು. ಶಿಕ್ಷಣ ಇಲ್ಲದೇ ಇದ್ದರೆ ಸಮಾಜದಲ್ಲಿ ಬದಲಾವಣೆ ಸಾಧ್ಯವಿಲ್ಲ. ನಮ್ಮ ಸರ್ಕಾರ ಶಿಕ್ಷಣಕ್ಕೆ ಹೆಚ್ಚು ಅನುದಾನ ನೀಡಿದೆ. ಬಸವಣ್ಣನವರು ಕಾಯಕವೇ ಕೈಲಾಸ ಎಂದರು. ದೇವರು ಕೆಲಸದಲ್ಲೇ ಇದ್ದಾನೆ. ಶಿಕ್ಷಕರು ಮಕ್ಕಳಲ್ಲಿ ಮಾನವೀಯ ಮೌಲ್ಯಗಳನ್ನು ಬೆಳೆಸಬೇಕು. ಶಿಕ್ಷಕರ ವರ್ಗಾವಣೆ, ಬಡ್ತಿ ಸೇರಿ ಹಲವು ಸಮಸ್ಯೆಗಳನ್ನು ಬಗೆಹರಿಸಲಾಗುವುದು. ಅಂಬೇಡ್ಕರ್ ಅವರು ಶಿಕ್ಷಣ, ಸಂಘಟನೆ, ಹೋರಾಟದ ಬಗ್ಗೆ ಹೇಳಿದ್ದರು. ಇದನ್ನು ಎಲ್ಲರೂ ಅಳವಡಿಸಿಕೊಳ್ಳಬೇಕು. ಜಾತಿ, ಧರ್ಮ ಮೀರಿ ಎಲ್ಲರೂ ಮನುಷ್ಯರಾಗಿ ಬದುಕಬೇಕು. ಶಿಕ್ಷಕರು ಆ ಮಾರ್ಗದಲ್ಲಿ ಮಕ್ಕಳನ್ನು ಬೆಳೆಸಬೇಕು. ಬಡವರ ಮಕ್ಕಳು ಸರ್ಕಾರಿ ಶಾಲೆಯಲ್ಲಿ ಓದುತ್ತಾರೆ. ಅವರಿಗೆ ಗುಣಮಟ್ಟದ ಶಿಕ್ಷಣ ಸಿಗಬೇಕು ಎಂದು ತಿಳಿಸಿದರು.
ಸಂಘ ಕೊಟ್ಟಿದೆ. ಕೆಲವು ಈಡೇರಿಸಿ ಮಾಡಿದ್ದೇವೆ. ಇನ್ನೂ ಕೆಲವು ಬೇಡಿಕೆಗಳನ್ನು ಮುಂದಿನ ದಿನಗಳಲ್ಲಿ ಈಡೇರಿಸಲಾಗುವುದು. ಹಿಂದೆ ನಾನು ಹಣಕಾಸು ಮಂತ್ರಿ ಆಗಿದ್ದಾಗ ಶಿಕ್ಷಕರ ವೇತನ ಹೆಚ್ಚಿಸಿದ್ದೆ. ಏಳನೇ ವೇತನ ಆಯೋಗ ಜಾರಿ ಮಾಡಿದ್ದೇವೆ. ಹಳೆ ಪಿಂಚಣಿ ಯೋಜನೆ ಬಗ್ಗೆ ಪರಿಶೀಲನೆ ಮಾಡುತ್ತಿದ್ದೇವೆ. ಶಿಕ್ಷಕರ ಸಮಸ್ಯೆಗಳ ಬಗ್ಗೆ ಸಂಬಂಧಪಟ್ಟ ಸಚಿವರ ಜೊತೆ ಚರ್ಚಿಸಿ ಕ್ರಮ ಕೈಗೊಳ್ಳಲಾಗುವುದು. ಮಕ್ಕಳಿಗೆ ಉತ್ತಮ ಶಿಕ್ಷಣ ನೀಡಿ ಸಮಾಜಕ್ಕೆ ಉತ್ತಮ ಪ್ರಜೆಗಳನ್ನು ನೀಡಬೇಕು. ಶಿಕ್ಷಕರೇ ದೇಶದ ನಿಜವಾದ ನಿರ್ಮಾಪಕರು. ಸಂವಿಧಾನದ ಆಶಯಗಳನ್ನು ಮಕ್ಕಳಿಗೆ ತಿಳಿಸಬೇಕು. ಕಾರ್ಯಕ್ರಮದಲ್ಲಿ ಸಚಿವ ಮಧು ಬಂಗಾರಪ್ಪ ಸೇರಿ ಹಲವರು ಉಪಸ್ಥಿತರಿದ್ದರು.
ಮೊದಲ ದಿನದ ದ್ವಿತೀಯ ಪಿಯುಸಿ ಪರೀಕ್ಷೆ ಯಶಸ್ವಿ
96.87% ಹಾಜರಾತಿ ದಾಖಲು
ಬೆಂಗಳೂರು: ಇಂದಿನಿಂದ ಪ್ರಾರಂಭ ಆಗಿರುವ ದ್ವಿತೀಯ ಪಿಯುಸಿ ಪರೀಕ್ಷೆ-1 ಮೊದಲ ದಿನ ಯಶಸ್ವಿಯಾಗಿ ನಡೆದಿದೆ. ಮೊದಲ ದಿನ ಕನ್ನಡ ಪರೀಕ್ಷೆ ನಡೆಯಿತು. ಎಲ್ಲಾ ಕೇಂದ್ರಗಳಲ್ಲಿ ಪರೀಕ್ಷೆ ಸುಸೂತ್ರವಾಗಿ ನಡೆದಿದೆ ಎಂದು ಪರೀಕ್ಷಾ ಮಂಡಳಿ ತಿಳಿಸಿದೆ. ಮೊದಲ ದಿನದ ಪರೀಕ್ಷೆಗೆ ಒಟ್ಟು 96.87% ಹಾಜರಾತಿ ದಾಖಲಾಗಿದೆ. ಪರೀಕ್ಷೆಗೆ 5,09,085 ವಿದ್ಯಾರ್ಥಿಗಳು ನೋಂದಣಿ ಆಗಿದ್ದರು.
ಇದರಲ್ಲಿ 4,93,132 ವಿದ್ಯಾರ್ಥಿಗಳು ಹಾಜರಾಗಿದ್ದು, 15,953 ವಿದ್ಯಾರ್ಥಿಗಳು ಗೈರಾಗಿದ್ದಾರೆ. ರಾಜ್ಯಾದ್ಯಂತ ಪರೀಕ್ಷೆ ಸುಗಮವಾಗಿ ನಡೆಯುತ್ತಿದೆ. ಬೆಂಗಳೂರಿನಲ್ಲಿ ಹೆಚ್ಚಿನ ವಿದ್ಯಾರ್ಥಿಗಳು ಪರೀಕ್ಷೆ ಬರೆದಿದ್ದಾರೆ. ಕೇಂದ್ರಗಳಲ್ಲಿ ಸಿಸಿಟಿವಿ ಅಳವಡಿಸಲಾಗಿದೆ. ಪರೀಕ್ಷಾ ಕೇಂದ್ರದ ಸುತ್ತ ನಿಷೇಧಾಜ್ಞೆ ಜಾರಿ ಮಾಡಲಾಗಿದೆ. ವರ್ತನೆಗೆ ವ್ಯಾಪಕ ಪ್ರಶಂಸೆ ವ್ಯಕ್ತವಾಗಿದೆ.
Printed, Published & Owned by N.Venugopal Krishna, Printed at Dashapramathi Mudranalaya, No.45, 4th Cross, Srigandhadakaval, Bengaluru-560079.
Published at No.45, 4th Cross, Srigandhadakaval, Bengaluru-560079. Editor: N.Venugopal Krishna, Mobile No.+91 94835 89085,
email: sanjemugilu@gmail.com, RNI No.KARKAN/2002/08054
